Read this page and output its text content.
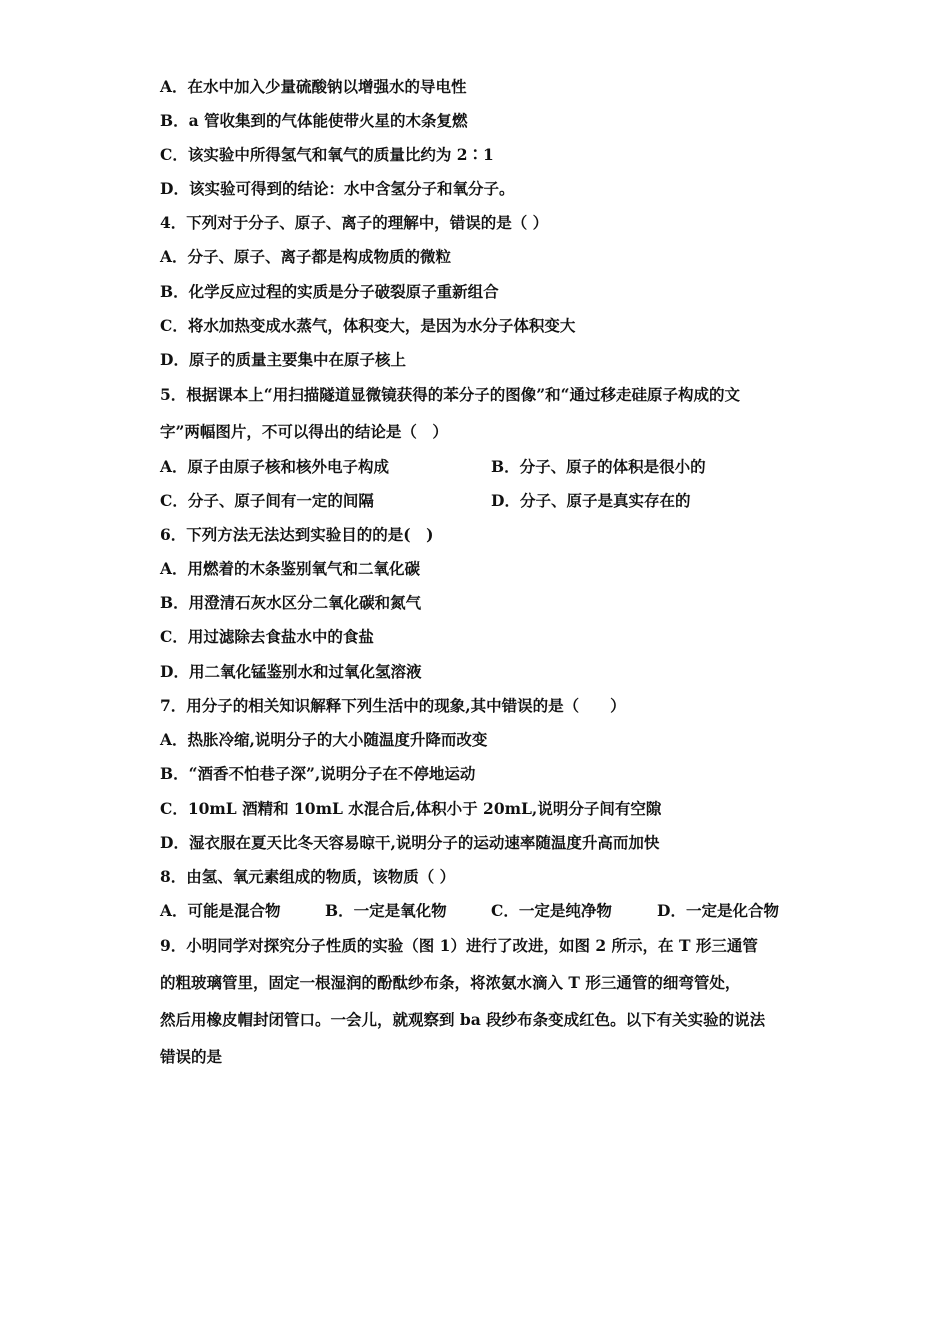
A．在水中加入少量硫酸钠以增强水的导电性
B．a 管收集到的气体能使带火星的木条复燃
C．该实验中所得氢气和氧气的质量比约为 2∶1
D．该实验可得到的结论：水中含氢分子和氧分子。
4．下列对于分子、原子、离子的理解中，错误的是（ ）
A．分子、原子、离子都是构成物质的微粒
B．化学反应过程的实质是分子破裂原子重新组合
C．将水加热变成水蒸气，体积变大，是因为水分子体积变大
D．原子的质量主要集中在原子核上
5．根据课本上“用扫描隧道显微镜获得的苯分子的图像”和“通过移走硅原子构成的文
字”两幅图片，不可以得出的结论是（　）
A．原子由原子核和核外电子构成	B．分子、原子的体积是很小的
C．分子、原子间有一定的间隔	D．分子、原子是真实存在的
6．下列方法无法达到实验目的的是(　)
A．用燃着的木条鉴别氧气和二氧化碳
B．用澄清石灰水区分二氧化碳和氮气
C．用过滤除去食盐水中的食盐
D．用二氧化锰鉴别水和过氧化氢溶液
7．用分子的相关知识解释下列生活中的现象,其中错误的是（　　）
A．热胀冷缩,说明分子的大小随温度升降而改变
B．“酒香不怕巷子深”,说明分子在不停地运动
C．10mL 酒精和 10mL 水混合后,体积小于 20mL,说明分子间有空隙
D．湿衣服在夏天比冬天容易晾干,说明分子的运动速率随温度升高而加快
8．由氢、氧元素组成的物质，该物质（ ）
A．可能是混合物	B．一定是氧化物	C．一定是纯净物	D．一定是化合物
9．小明同学对探究分子性质的实验（图 1）进行了改进，如图 2 所示，在 T 形三通管
的粗玻璃管里，固定一根湿润的酚酞纱布条，将浓氨水滴入 T 形三通管的细弯管处，
然后用橡皮帽封闭管口。一会儿，就观察到 ba 段纱布条变成红色。以下有关实验的说法
错误的是
